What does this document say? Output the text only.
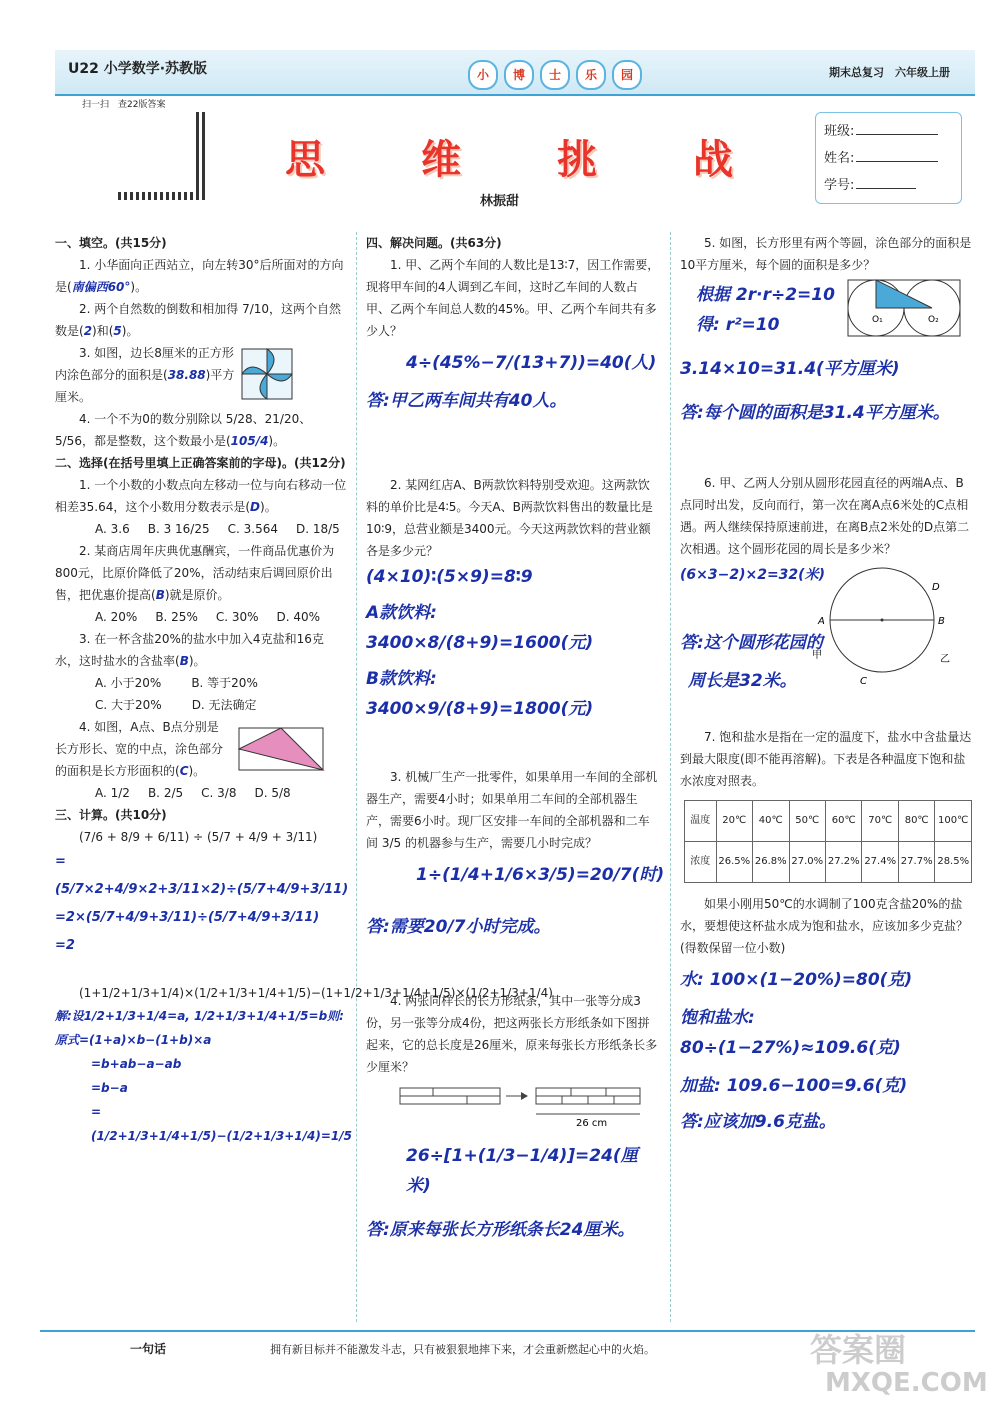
U22 小学数学·苏教版	小 博 士 乐 园	期末总复习　六年级上册
扫一扫　查22版答案
思 维 挑 战
林振甜
班级:
姓名:
学号:

一、填空。(共15分)

1. 小华面向正西站立，向左转30°后所面对的方向是(南偏西60°)。

2. 两个自然数的倒数和相加得 7/10，这两个自然数是(2)和(5)。

3. 如图，边长8厘米的正方形内涂色部分的面积是(38.88)平方厘米。

4. 一个不为0的数分别除以 5/28、21/20、5/56，都是整数，这个数最小是(105/4)。

二、选择(在括号里填上正确答案前的字母)。(共12分)

1. 一个小数的小数点向左移动一位与向右移动一位相差35.64，这个小数用分数表示是(D)。

A. 3.6 B. 3 16/25 C. 3.564 D. 18/5

2. 某商店周年庆典优惠酬宾，一件商品优惠价为800元，比原价降低了20%，活动结束后调回原价出售，把优惠价提高(B)就是原价。

A. 20% B. 25% C. 30% D. 40%

3. 在一杯含盐20%的盐水中加入4克盐和16克水，这时盐水的含盐率(B)。

A. 小于20%	B. 等于20%
C. 大于20%	D. 无法确定

4. 如图，A点、B点分别是长方形长、宽的中点，涂色部分的面积是长方形面积的(C)。

A. 1/2 B. 2/5 C. 3/8 D. 5/8

三、计算。(共10分)

(7/6 + 8/9 + 6/11) ÷ (5/7 + 4/9 + 3/11)

=(5/7×2+4/9×2+3/11×2)÷(5/7+4/9+3/11)
=2×(5/7+4/9+3/11)÷(5/7+4/9+3/11)
=2

(1+1/2+1/3+1/4)×(1/2+1/3+1/4+1/5)−(1+1/2+1/3+1/4+1/5)×(1/2+1/3+1/4)

解:设1/2+1/3+1/4=a, 1/2+1/3+1/4+1/5=b则:
原式=(1+a)×b−(1+b)×a
=b+ab−a−ab
=b−a
=(1/2+1/3+1/4+1/5)−(1/2+1/3+1/4)=1/5

四、解决问题。(共63分)

1. 甲、乙两个车间的人数比是13∶7，因工作需要，现将甲车间的4人调到乙车间，这时乙车间的人数占甲、乙两个车间总人数的45%。甲、乙两个车间共有多少人？

4÷(45%−7/(13+7))=40(人)
答:甲乙两车间共有40人。

2. 某网红店A、B两款饮料特别受欢迎。这两款饮料的单价比是4∶5。今天A、B两款饮料售出的数量比是10∶9，总营业额是3400元。今天这两款饮料的营业额各是多少元？

(4×10)∶(5×9)=8∶9
A款饮料: 3400×8/(8+9)=1600(元)
B款饮料: 3400×9/(8+9)=1800(元)

3. 机械厂生产一批零件，如果单用一车间的全部机器生产，需要4小时；如果单用二车间的全部机器生产，需要6小时。现厂区安排一车间的全部机器和二车间 3/5 的机器参与生产，需要几小时完成？

1÷(1/4+1/6×3/5)=20/7(时)
答:需要20/7小时完成。

4. 两张同样长的长方形纸条，其中一张等分成3份，另一张等分成4份，把这两张长方形纸条如下图拼起来，它的总长度是26厘米，原来每张长方形纸条长多少厘米？

26 cm
26÷[1+(1/3−1/4)]=24(厘米)
答:原来每张长方形纸条长24厘米。

5. 如图，长方形里有两个等圆，涂色部分的面积是10平方厘米，每个圆的面积是多少？

根据 2r·r÷2=10
得: r²=10	O₁	O₂
3.14×10=31.4(平方厘米)
答:每个圆的面积是31.4平方厘米。

6. 甲、乙两人分别从圆形花园直径的两端A点、B点同时出发，反向而行，第一次在离A点6米处的C点相遇。两人继续保持原速前进，在离B点2米处的D点第二次相遇。这个圆形花园的周长是多少米？

(6×3−2)×2=32(米)
A	B
C
D
甲	乙
答:这个圆形花园的
周长是32米。

7. 饱和盐水是指在一定的温度下，盐水中含盐量达到最大限度(即不能再溶解)。下表是各种温度下饱和盐水浓度对照表。

温度	20℃	40℃	50℃	60℃	70℃	80℃	100℃
浓度	26.5%	26.8%	27.0%	27.2%	27.4%	27.7%	28.5%

如果小刚用50℃的水调制了100克含盐20%的盐水，要想使这杯盐水成为饱和盐水，应该加多少克盐？(得数保留一位小数)

水: 100×(1−20%)=80(克)
饱和盐水: 80÷(1−27%)≈109.6(克)
加盐: 109.6−100=9.6(克)
答:应该加9.6克盐。
一句话	拥有新目标并不能激发斗志，只有被狠狠地摔下来，才会重新燃起心中的火焰。	答案圈
MXQE.COM
